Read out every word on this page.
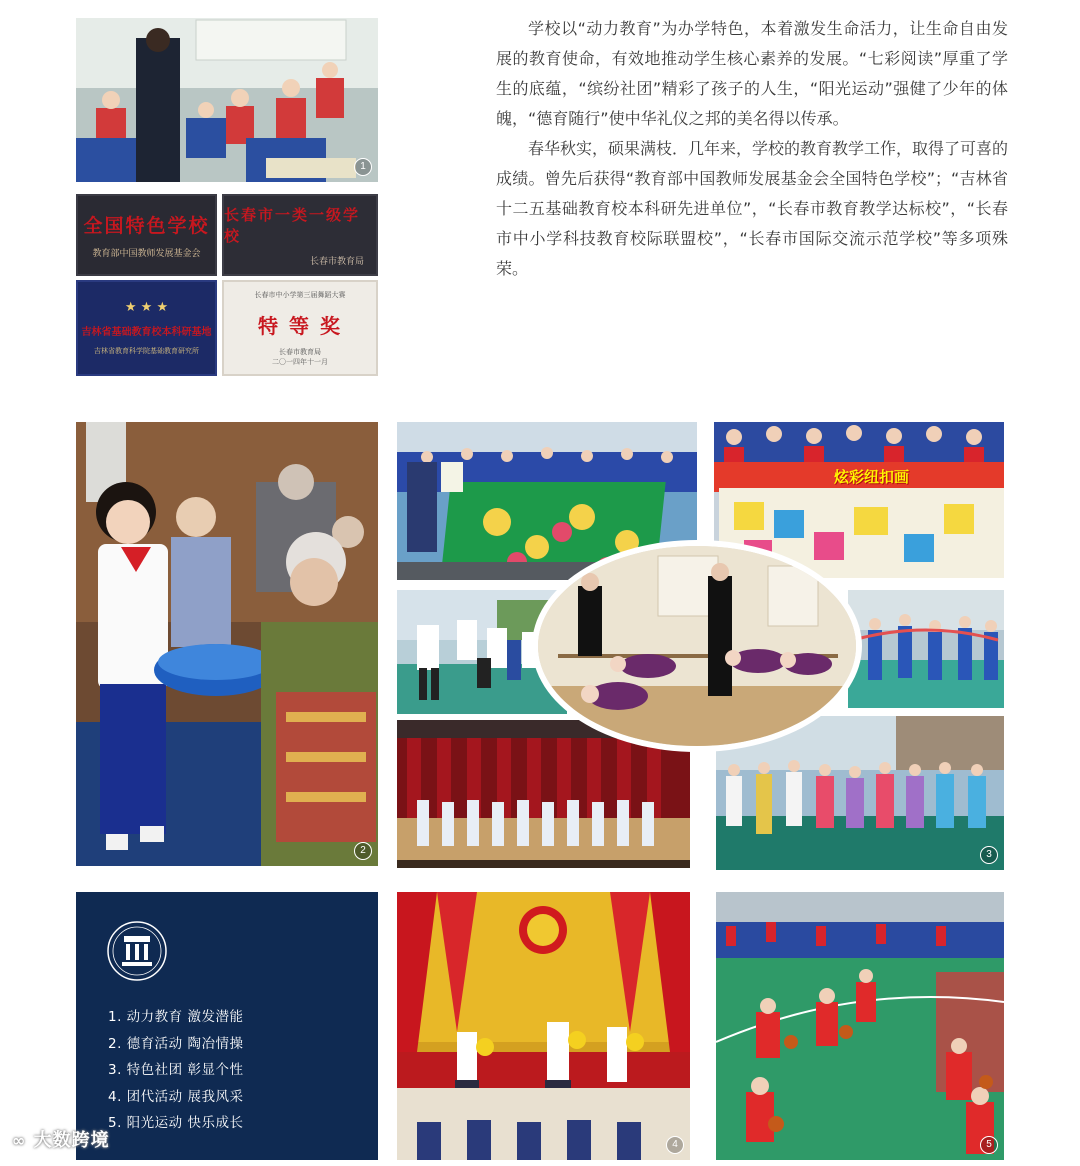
学校以“动力教育”为办学特色，本着激发生命活力，让生命自由发展的教育使命，有效地推动学生核心素养的发展。“七彩阅读”厚重了学生的底蕴，“缤纷社团”精彩了孩子的人生，“阳光运动”强健了少年的体魄，“德育随行”使中华礼仪之邦的美名得以传承。

春华秋实，硕果满枝．几年来，学校的教育教学工作，取得了可喜的成绩。曾先后获得“教育部中国教师发展基金会全国特色学校”；“吉林省十二五基础教育校本科研先进单位”，“长春市教育教学达标校”，“长春市中小学科技教育校际联盟校”，“长春市国际交流示范学校”等多项殊荣。

1
全国特色学校
教育部中国教师发展基金会
长春市一类一级学校
长春市教育局
★ ★ ★
吉林省基础教育校本科研基地
吉林省教育科学院基础教育研究所
长春市中小学第三届舞蹈大赛
特 等 奖
长春市教育局
二〇一四年十一月
2
炫彩纽扣画
3
1. 动力教育 激发潜能
2. 德育活动 陶冶情操
3. 特色社团 彰显个性
4. 团代活动 展我风采
5. 阳光运动 快乐成长
4	5
∞ 大数跨境
